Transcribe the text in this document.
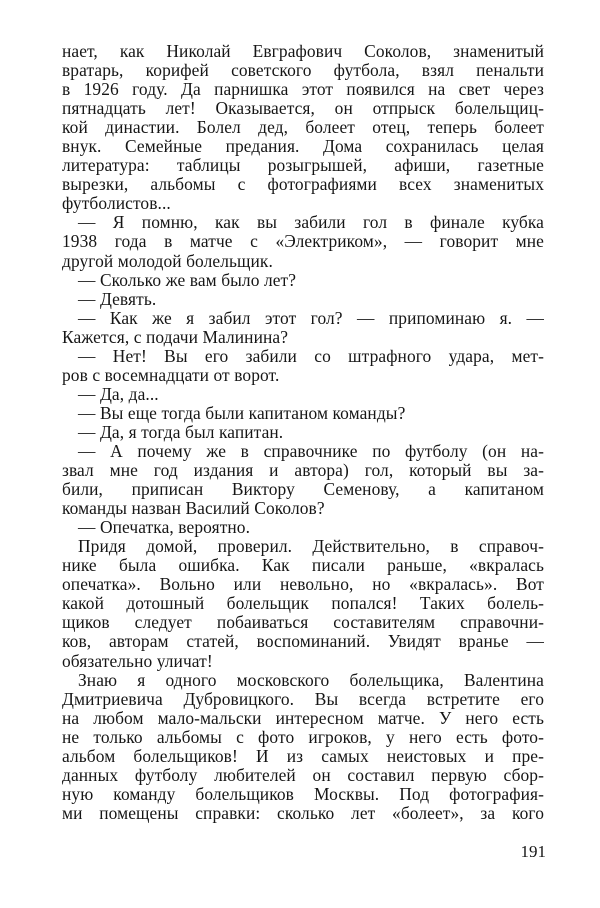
нает, как Николай Евграфович Соколов, знаменитый
вратарь, корифей советского футбола, взял пенальти
в 1926 году. Да парнишка этот появился на свет через
пятнадцать лет! Оказывается, он отпрыск болельщиц-
кой династии. Болел дед, болеет отец, теперь болеет
внук. Семейные предания. Дома сохранилась целая
литература: таблицы розыгрышей, афиши, газетные
вырезки, альбомы с фотографиями всех знаменитых
футболистов...
— Я помню, как вы забили гол в финале кубка
1938 года в матче с «Электриком», — говорит мне
другой молодой болельщик.
— Сколько же вам было лет?
— Девять.
— Как же я забил этот гол? — припоминаю я. —
Кажется, с подачи Малинина?
— Нет! Вы его забили со штрафного удара, мет-
ров с восемнадцати от ворот.
— Да, да...
— Вы еще тогда были капитаном команды?
— Да, я тогда был капитан.
— А почему же в справочнике по футболу (он на-
звал мне год издания и автора) гол, который вы за-
били, приписан Виктору Семенову, а капитаном
команды назван Василий Соколов?
— Опечатка, вероятно.
Придя домой, проверил. Действительно, в справоч-
нике была ошибка. Как писали раньше, «вкралась
опечатка». Вольно или невольно, но «вкралась». Вот
какой дотошный болельщик попался! Таких болель-
щиков следует побаиваться составителям справочни-
ков, авторам статей, воспоминаний. Увидят вранье —
обязательно уличат!
Знаю я одного московского болельщика, Валентина
Дмитриевича Дубровицкого. Вы всегда встретите его
на любом мало-мальски интересном матче. У него есть
не только альбомы с фото игроков, у него есть фото-
альбом болельщиков! И из самых неистовых и пре-
данных футболу любителей он составил первую сбор-
ную команду болельщиков Москвы. Под фотография-
ми помещены справки: сколько лет «болеет», за кого
191
